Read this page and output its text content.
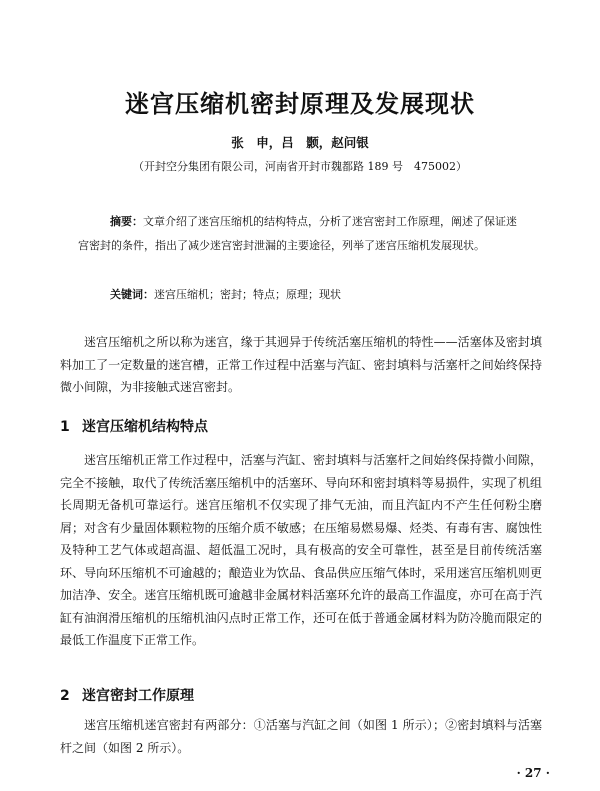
迷宫压缩机密封原理及发展现状
张　申，吕　颢，赵问银
（开封空分集团有限公司，河南省开封市魏都路 189 号　475002）
摘要：文章介绍了迷宫压缩机的结构特点，分析了迷宫密封工作原理，阐述了保证迷宫密封的条件，指出了减少迷宫密封泄漏的主要途径，列举了迷宫压缩机发展现状。
关键词：迷宫压缩机；密封；特点；原理；现状

迷宫压缩机之所以称为迷宫，缘于其迥异于传统活塞压缩机的特性——活塞体及密封填料加工了一定数量的迷宫槽，正常工作过程中活塞与汽缸、密封填料与活塞杆之间始终保持微小间隙，为非接触式迷宫密封。

1 迷宫压缩机结构特点

迷宫压缩机正常工作过程中，活塞与汽缸、密封填料与活塞杆之间始终保持微小间隙，完全不接触，取代了传统活塞压缩机中的活塞环、导向环和密封填料等易损件，实现了机组长周期无备机可靠运行。迷宫压缩机不仅实现了排气无油，而且汽缸内不产生任何粉尘磨屑；对含有少量固体颗粒物的压缩介质不敏感；在压缩易燃易爆、烃类、有毒有害、腐蚀性及特种工艺气体或超高温、超低温工况时，具有极高的安全可靠性，甚至是目前传统活塞环、导向环压缩机不可逾越的；酿造业为饮品、食品供应压缩气体时，采用迷宫压缩机则更加洁净、安全。迷宫压缩机既可逾越非金属材料活塞环允许的最高工作温度，亦可在高于汽缸有油润滑压缩机的压缩机油闪点时正常工作，还可在低于普通金属材料为防冷脆而限定的最低工作温度下正常工作。

2 迷宫密封工作原理

迷宫压缩机迷宫密封有两部分：①活塞与汽缸之间（如图 1 所示）；②密封填料与活塞杆之间（如图 2 所示）。

· 27 ·
